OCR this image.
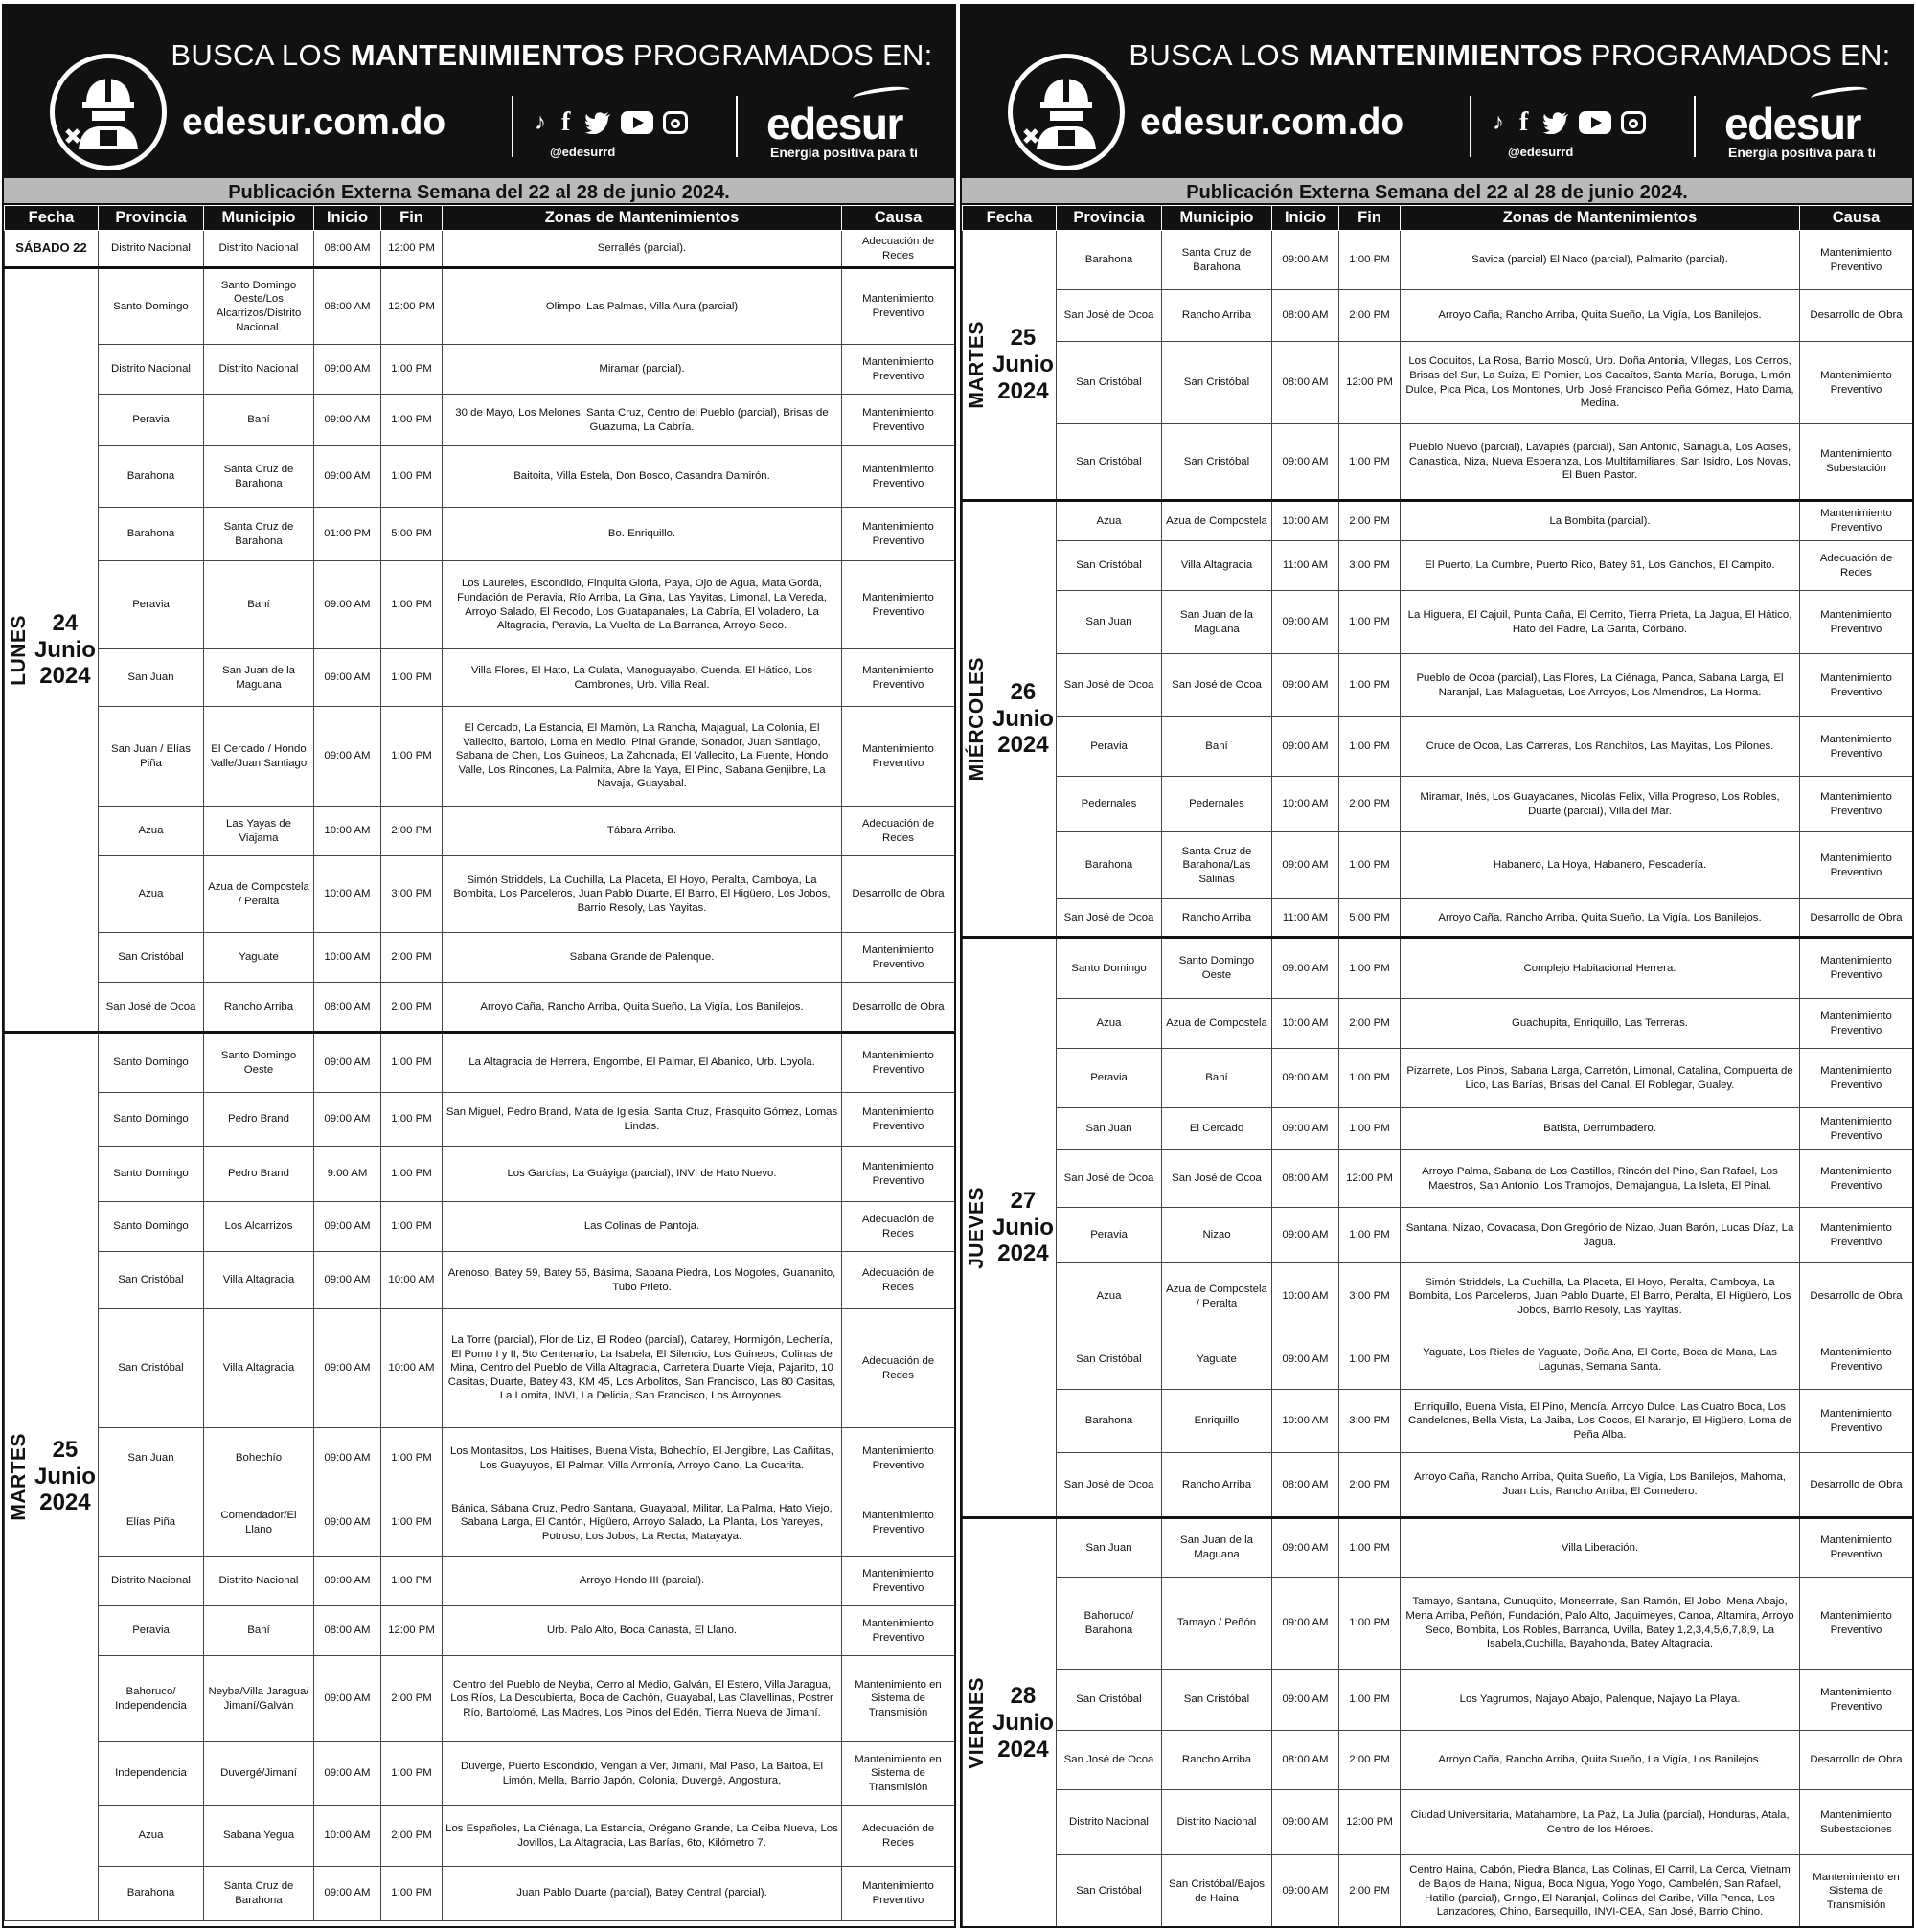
BUSCA LOS MANTENIMIENTOS PROGRAMADOS EN:
edesur.com.do	♪ f
@edesurrd
edesur
Energía positiva para ti
Publicación Externa Semana del 22 al 28 de junio 2024.
Fecha	Provincia	Municipio	Inicio	Fin	Zonas de Mantenimientos	Causa
SÁBADO 22	Distrito Nacional	Distrito Nacional	08:00 AM	12:00 PM	Serrallés (parcial).	Adecuación de Redes

LUNES 24
Junio
2024	Santo Domingo	Santo Domingo Oeste/Los Alcarrizos/Distrito Nacional.	08:00 AM	12:00 PM	Olimpo, Las Palmas, Villa Aura (parcial)	Mantenimiento Preventivo
	Distrito Nacional	Distrito Nacional	09:00 AM	1:00 PM	Miramar (parcial).	Mantenimiento Preventivo
	Peravia	Baní	09:00 AM	1:00 PM	30 de Mayo, Los Melones, Santa Cruz, Centro del Pueblo (parcial), Brisas de Guazuma, La Cabría.	Mantenimiento Preventivo
	Barahona	Santa Cruz de Barahona	09:00 AM	1:00 PM	Baitoita, Villa Estela, Don Bosco, Casandra Damirón.	Mantenimiento Preventivo
	Barahona	Santa Cruz de Barahona	01:00 PM	5:00 PM	Bo. Enriquillo.	Mantenimiento Preventivo
	Peravia	Baní	09:00 AM	1:00 PM	Los Laureles, Escondido, Finquita Gloria, Paya, Ojo de Agua, Mata Gorda, Fundación de Peravia, Río Arriba, La Gina, Las Yayitas, Limonal, La Vereda, Arroyo Salado, El Recodo, Los Guatapanales, La Cabría, El Voladero, La Altagracia, Peravia, La Vuelta de La Barranca, Arroyo Seco.	Mantenimiento Preventivo
	San Juan	San Juan de la Maguana	09:00 AM	1:00 PM	Villa Flores, El Hato, La Culata, Manoguayabo, Cuenda, El Hático, Los Cambrones, Urb. Villa Real.	Mantenimiento Preventivo
	San Juan / Elías Piña	El Cercado / Hondo Valle/Juan Santiago	09:00 AM	1:00 PM	El Cercado, La Estancia, El Mamón, La Rancha, Majagual, La Colonia, El Vallecito, Bartolo, Loma en Medio, Pinal Grande, Sonador, Juan Santiago, Sabana de Chen, Los Guineos, La Zahonada, El Vallecito, La Fuente, Hondo Valle, Los Rincones, La Palmita, Abre la Yaya, El Pino, Sabana Genjibre, La Navaja, Guayabal.	Mantenimiento Preventivo
	Azua	Las Yayas de Viajama	10:00 AM	2:00 PM	Tábara Arriba.	Adecuación de Redes
	Azua	Azua de Compostela / Peralta	10:00 AM	3:00 PM	Simón Striddels, La Cuchilla, La Placeta, El Hoyo, Peralta, Camboya, La Bombita, Los Parceleros, Juan Pablo Duarte, El Barro, El Higüero, Los Jobos, Barrio Resoly, Las Yayitas.	Desarrollo de Obra
	San Cristóbal	Yaguate	10:00 AM	2:00 PM	Sabana Grande de Palenque.	Mantenimiento Preventivo
	San José de Ocoa	Rancho Arriba	08:00 AM	2:00 PM	Arroyo Caña, Rancho Arriba, Quita Sueño, La Vigía, Los Banilejos.	Desarrollo de Obra

MARTES 25
Junio
2024	Santo Domingo	Santo Domingo Oeste	09:00 AM	1:00 PM	La Altagracia de Herrera, Engombe, El Palmar, El Abanico, Urb. Loyola.	Mantenimiento Preventivo
	Santo Domingo	Pedro Brand	09:00 AM	1:00 PM	San Miguel, Pedro Brand, Mata de Iglesia, Santa Cruz, Frasquito Gómez, Lomas Lindas.	Mantenimiento Preventivo
	Santo Domingo	Pedro Brand	9:00 AM	1:00 PM	Los Garcías, La Guáyiga (parcial), INVI de Hato Nuevo.	Mantenimiento Preventivo
	Santo Domingo	Los Alcarrizos	09:00 AM	1:00 PM	Las Colinas de Pantoja.	Adecuación de Redes
	San Cristóbal	Villa Altagracia	09:00 AM	10:00 AM	Arenoso, Batey 59, Batey 56, Básima, Sabana Piedra, Los Mogotes, Guananito, Tubo Prieto.	Adecuación de Redes
	San Cristóbal	Villa Altagracia	09:00 AM	10:00 AM	La Torre (parcial), Flor de Liz, El Rodeo (parcial), Catarey, Hormigón, Lechería, El Pomo I y II, 5to Centenario, La Isabela, El Silencio, Los Guineos, Colinas de Mina, Centro del Pueblo de Villa Altagracia, Carretera Duarte Vieja, Pajarito, 10 Casitas, Duarte, Batey 43, KM 45, Los Arbolitos, San Francisco, Las 80 Casitas, La Lomita, INVI, La Delicia, San Francisco, Los Arroyones.	Adecuación de Redes
	San Juan	Bohechío	09:00 AM	1:00 PM	Los Montasitos, Los Haitises, Buena Vista, Bohechío, El Jengibre, Las Cañitas, Los Guayuyos, El Palmar, Villa Armonía, Arroyo Cano, La Cucarita.	Mantenimiento Preventivo
	Elías Piña	Comendador/El Llano	09:00 AM	1:00 PM	Bánica, Sábana Cruz, Pedro Santana, Guayabal, Militar, La Palma, Hato Viejo, Sabana Larga, El Cantón, Higüero, Arroyo Salado, La Planta, Los Yareyes, Potroso, Los Jobos, La Recta, Matayaya.	Mantenimiento Preventivo
	Distrito Nacional	Distrito Nacional	09:00 AM	1:00 PM	Arroyo Hondo III (parcial).	Mantenimiento Preventivo
	Peravia	Baní	08:00 AM	12:00 PM	Urb. Palo Alto, Boca Canasta, El Llano.	Mantenimiento Preventivo
	Bahoruco/ Independencia	Neyba/Villa Jaragua/ Jimaní/Galván	09:00 AM	2:00 PM	Centro del Pueblo de Neyba, Cerro al Medio, Galván, El Estero, Villa Jaragua, Los Ríos, La Descubierta, Boca de Cachón, Guayabal, Las Clavellinas, Postrer Río, Bartolomé, Las Madres, Los Pinos del Edén, Tierra Nueva de Jimaní.	Mantenimiento en Sistema de Transmisión
	Independencia	Duvergé/Jimaní	09:00 AM	1:00 PM	Duvergé, Puerto Escondido, Vengan a Ver, Jimaní, Mal Paso, La Baitoa, El Limón, Mella, Barrio Japón, Colonia, Duvergé, Angostura,	Mantenimiento en Sistema de Transmisión
	Azua	Sabana Yegua	10:00 AM	2:00 PM	Los Españoles, La Ciénaga, La Estancia, Orégano Grande, La Ceiba Nueva, Los Jovillos, La Altagracia, Las Barías, 6to, Kilómetro 7.	Adecuación de Redes
	Barahona	Santa Cruz de Barahona	09:00 AM	1:00 PM	Juan Pablo Duarte (parcial), Batey Central (parcial).	Mantenimiento Preventivo
BUSCA LOS MANTENIMIENTOS PROGRAMADOS EN:
edesur.com.do	♪ f
@edesurrd
edesur
Energía positiva para ti
Publicación Externa Semana del 22 al 28 de junio 2024.
Fecha	Provincia	Municipio	Inicio	Fin	Zonas de Mantenimientos	Causa

MARTES 25
Junio
2024	Barahona	Santa Cruz de Barahona	09:00 AM	1:00 PM	Savica (parcial) El Naco (parcial), Palmarito (parcial).	Mantenimiento Preventivo
	San José de Ocoa	Rancho Arriba	08:00 AM	2:00 PM	Arroyo Caña, Rancho Arriba, Quita Sueño, La Vigía, Los Banilejos.	Desarrollo de Obra
	San Cristóbal	San Cristóbal	08:00 AM	12:00 PM	Los Coquitos, La Rosa, Barrio Moscú, Urb. Doña Antonia, Villegas, Los Cerros, Brisas del Sur, La Suiza, El Pomier, Los Cacaítos, Santa María, Boruga, Limón Dulce, Pica Pica, Los Montones, Urb. José Francisco Peña Gómez, Hato Dama, Medina.	Mantenimiento Preventivo
	San Cristóbal	San Cristóbal	09:00 AM	1:00 PM	Pueblo Nuevo (parcial), Lavapiés (parcial), San Antonio, Sainaguá, Los Acises, Canastica, Niza, Nueva Esperanza, Los Multifamiliares, San Isidro, Los Novas, El Buen Pastor.	Mantenimiento Subestación

MIÉRCOLES 26
Junio
2024	Azua	Azua de Compostela	10:00 AM	2:00 PM	La Bombita (parcial).	Mantenimiento Preventivo
	San Cristóbal	Villa Altagracia	11:00 AM	3:00 PM	El Puerto, La Cumbre, Puerto Rico, Batey 61, Los Ganchos, El Campito.	Adecuación de Redes
	San Juan	San Juan de la Maguana	09:00 AM	1:00 PM	La Higuera, El Cajuil, Punta Caña, El Cerrito, Tierra Prieta, La Jagua, El Hático, Hato del Padre, La Garita, Córbano.	Mantenimiento Preventivo
	San José de Ocoa	San José de Ocoa	09:00 AM	1:00 PM	Pueblo de Ocoa (parcial), Las Flores, La Ciénaga, Panca, Sabana Larga, El Naranjal, Las Malaguetas, Los Arroyos, Los Almendros, La Horma.	Mantenimiento Preventivo
	Peravia	Baní	09:00 AM	1:00 PM	Cruce de Ocoa, Las Carreras, Los Ranchitos, Las Mayitas, Los Pilones.	Mantenimiento Preventivo
	Pedernales	Pedernales	10:00 AM	2:00 PM	Miramar, Inés, Los Guayacanes, Nicolás Felix, Villa Progreso, Los Robles, Duarte (parcial), Villa del Mar.	Mantenimiento Preventivo
	Barahona	Santa Cruz de Barahona/Las Salinas	09:00 AM	1:00 PM	Habanero, La Hoya, Habanero, Pescadería.	Mantenimiento Preventivo
	San José de Ocoa	Rancho Arriba	11:00 AM	5:00 PM	Arroyo Caña, Rancho Arriba, Quita Sueño, La Vigía, Los Banilejos.	Desarrollo de Obra

JUEVES 27
Junio
2024	Santo Domingo	Santo Domingo Oeste	09:00 AM	1:00 PM	Complejo Habitacional Herrera.	Mantenimiento Preventivo
	Azua	Azua de Compostela	10:00 AM	2:00 PM	Guachupita, Enriquillo, Las Terreras.	Mantenimiento Preventivo
	Peravia	Baní	09:00 AM	1:00 PM	Pizarrete, Los Pinos, Sabana Larga, Carretón, Limonal, Catalina, Compuerta de Lico, Las Barías, Brisas del Canal, El Roblegar, Gualey.	Mantenimiento Preventivo
	San Juan	El Cercado	09:00 AM	1:00 PM	Batista, Derrumbadero.	Mantenimiento Preventivo
	San José de Ocoa	San José de Ocoa	08:00 AM	12:00 PM	Arroyo Palma, Sabana de Los Castillos, Rincón del Pino, San Rafael, Los Maestros, San Antonio, Los Tramojos, Demajangua, La Isleta, El Pinal.	Mantenimiento Preventivo
	Peravia	Nizao	09:00 AM	1:00 PM	Santana, Nizao, Covacasa, Don Gregório de Nizao, Juan Barón, Lucas Díaz, La Jagua.	Mantenimiento Preventivo
	Azua	Azua de Compostela / Peralta	10:00 AM	3:00 PM	Simón Striddels, La Cuchilla, La Placeta, El Hoyo, Peralta, Camboya, La Bombita, Los Parceleros, Juan Pablo Duarte, El Barro, Peralta, El Higüero, Los Jobos, Barrio Resoly, Las Yayitas.	Desarrollo de Obra
	San Cristóbal	Yaguate	09:00 AM	1:00 PM	Yaguate, Los Rieles de Yaguate, Doña Ana, El Corte, Boca de Mana, Las Lagunas, Semana Santa.	Mantenimiento Preventivo
	Barahona	Enriquillo	10:00 AM	3:00 PM	Enriquillo, Buena Vista, El Pino, Mencía, Arroyo Dulce, Las Cuatro Boca, Los Candelones, Bella Vista, La Jaiba, Los Cocos, El Naranjo, El Higüero, Loma de Peña Alba.	Mantenimiento Preventivo
	San José de Ocoa	Rancho Arriba	08:00 AM	2:00 PM	Arroyo Caña, Rancho Arriba, Quita Sueño, La Vigía, Los Banilejos, Mahoma, Juan Luis, Rancho Arriba, El Comedero.	Desarrollo de Obra

VIERNES 28
Junio
2024	San Juan	San Juan de la Maguana	09:00 AM	1:00 PM	Villa Liberación.	Mantenimiento Preventivo
	Bahoruco/ Barahona	Tamayo / Peñón	09:00 AM	1:00 PM	Tamayo, Santana, Cunuquito, Monserrate, San Ramón, El Jobo, Mena Abajo, Mena Arriba, Peñón, Fundación, Palo Alto, Jaquimeyes, Canoa, Altamira, Arroyo Seco, Bombita, Los Robles, Barranca, Uvilla, Batey 1,2,3,4,5,6,7,8,9, La Isabela,Cuchilla, Bayahonda, Batey Altagracia.	Mantenimiento Preventivo
	San Cristóbal	San Cristóbal	09:00 AM	1:00 PM	Los Yagrumos, Najayo Abajo, Palenque, Najayo La Playa.	Mantenimiento Preventivo
	San José de Ocoa	Rancho Arriba	08:00 AM	2:00 PM	Arroyo Caña, Rancho Arriba, Quita Sueño, La Vigía, Los Banilejos.	Desarrollo de Obra
	Distrito Nacional	Distrito Nacional	09:00 AM	12:00 PM	Ciudad Universitaria, Matahambre, La Paz, La Julia (parcial), Honduras, Atala, Centro de los Héroes.	Mantenimiento Subestaciones
	San Cristóbal	San Cristóbal/Bajos de Haina	09:00 AM	2:00 PM	Centro Haina, Cabón, Piedra Blanca, Las Colinas, El Carril, La Cerca, Vietnam de Bajos de Haina, Nigua, Boca Nigua, Yogo Yogo, Cambelén, San Rafael, Hatillo (parcial), Gringo, El Naranjal, Colinas del Caribe, Villa Penca, Los Lanzadores, Chino, Barsequillo, INVI-CEA, San José, Barrio Chino.	Mantenimiento en Sistema de Transmisión
